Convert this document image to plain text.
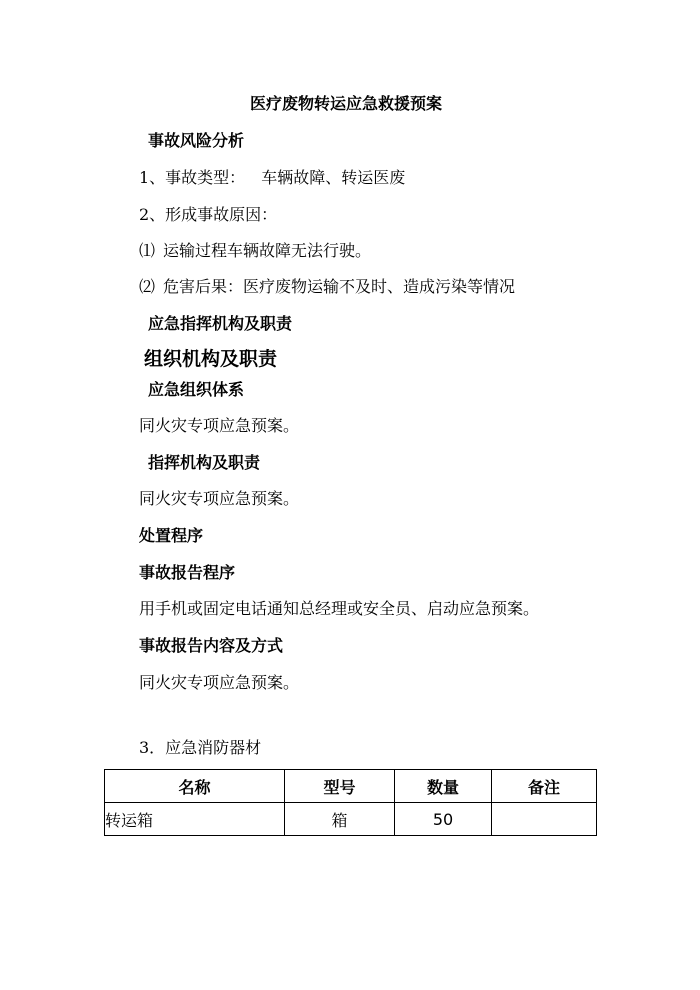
医疗废物转运应急救援预案
事故风险分析
1、事故类型： 车辆故障、转运医废
2、形成事故原因：
⑴ 运输过程车辆故障无法行驶。
⑵ 危害后果：医疗废物运输不及时、造成污染等情况
应急指挥机构及职责
组织机构及职责
应急组织体系
同火灾专项应急预案。
指挥机构及职责
同火灾专项应急预案。
处置程序
事故报告程序
用手机或固定电话通知总经理或安全员、启动应急预案。
事故报告内容及方式
同火灾专项应急预案。
3．应急消防器材
名称	型号	数量	备注
转运箱	箱	50	
